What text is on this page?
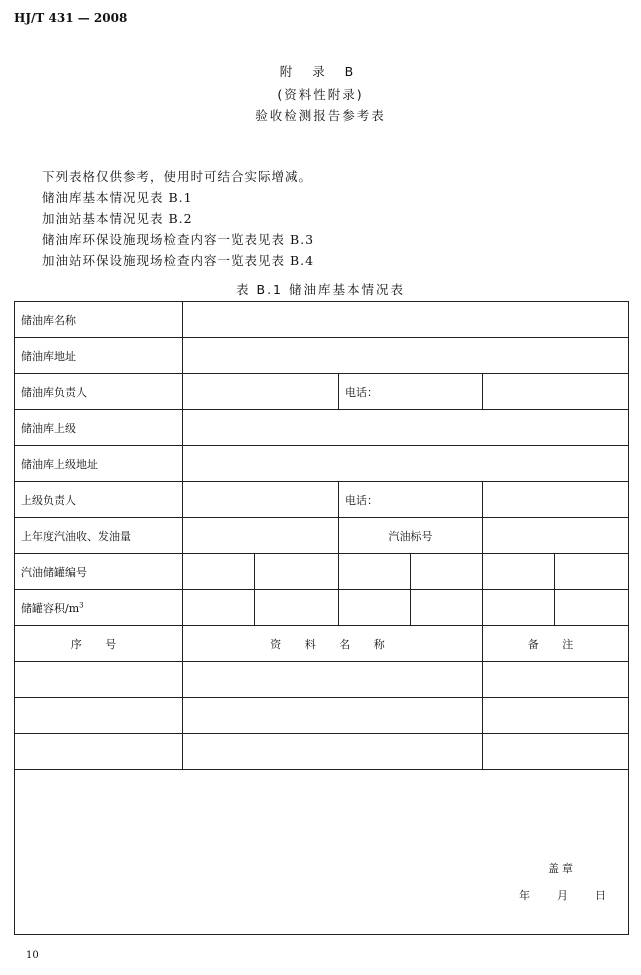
HJ/T 431 — 2008
附 录 B
(资料性附录)
验收检测报告参考表
下列表格仅供参考，使用时可结合实际增减。
储油库基本情况见表 B.1
加油站基本情况见表 B.2
储油库环保设施现场检查内容一览表见表 B.3
加油站环保设施现场检查内容一览表见表 B.4
表 B.1 储油库基本情况表
储油库名称						
储油库地址						
储油库负责人			电话：			
储油库上级						
储油库上级地址						
上级负责人			电话：			
上年度汽油收、发油量			汽油标号			
汽油储罐编号						
储罐容积$/m^3$						
序 号	资 料 名 称				备 注	

盖章
年 月 日
10
